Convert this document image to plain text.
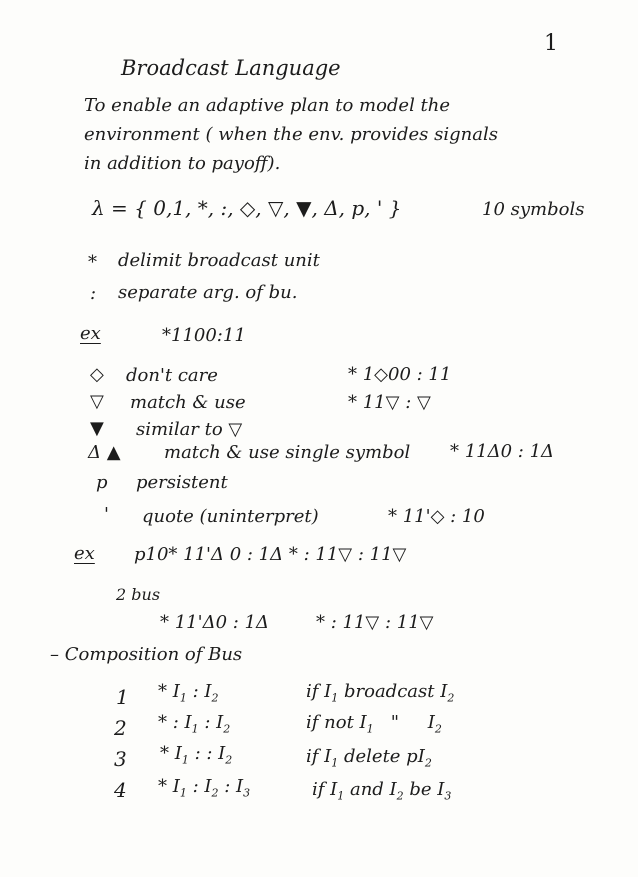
1
Broadcast Language
To enable an adaptive plan to model the
environment ( when the env. provides signals
in addition to payoff).
λ = { 0,1, *, :, ◇, ▽, ▼, Δ, p, ' }	10 symbols
* delimit broadcast unit
: separate arg. of bu.
ex	*1100:11
◇ don't care	* 1◇00 : 11
▽ match & use	* 11▽ : ▽
▼ similar to ▽
Δ ▲ match & use single symbol * 11Δ0 : 1Δ
p persistent
' quote (uninterpret)	* 11'◇ : 10
ex p10* 11'Δ 0 : 1Δ * : 11▽ : 11▽
2 bus
* 11'Δ0 : 1Δ	* : 11▽ : 11▽
– Composition of Bus
$1 * I_1$ : $I_2$	if $I_1$ broadcast $I_2$
2 * : $I_1$ : $I_2$	if not $I_1$   "     $I_2$
$3 * I_1$ : : $I_2$	if $I_1$ delete $pI_2$
$4 * I_1$ : $I_2$ : $I_3$	if $I_1$ and $I_2$ be $I_3$
